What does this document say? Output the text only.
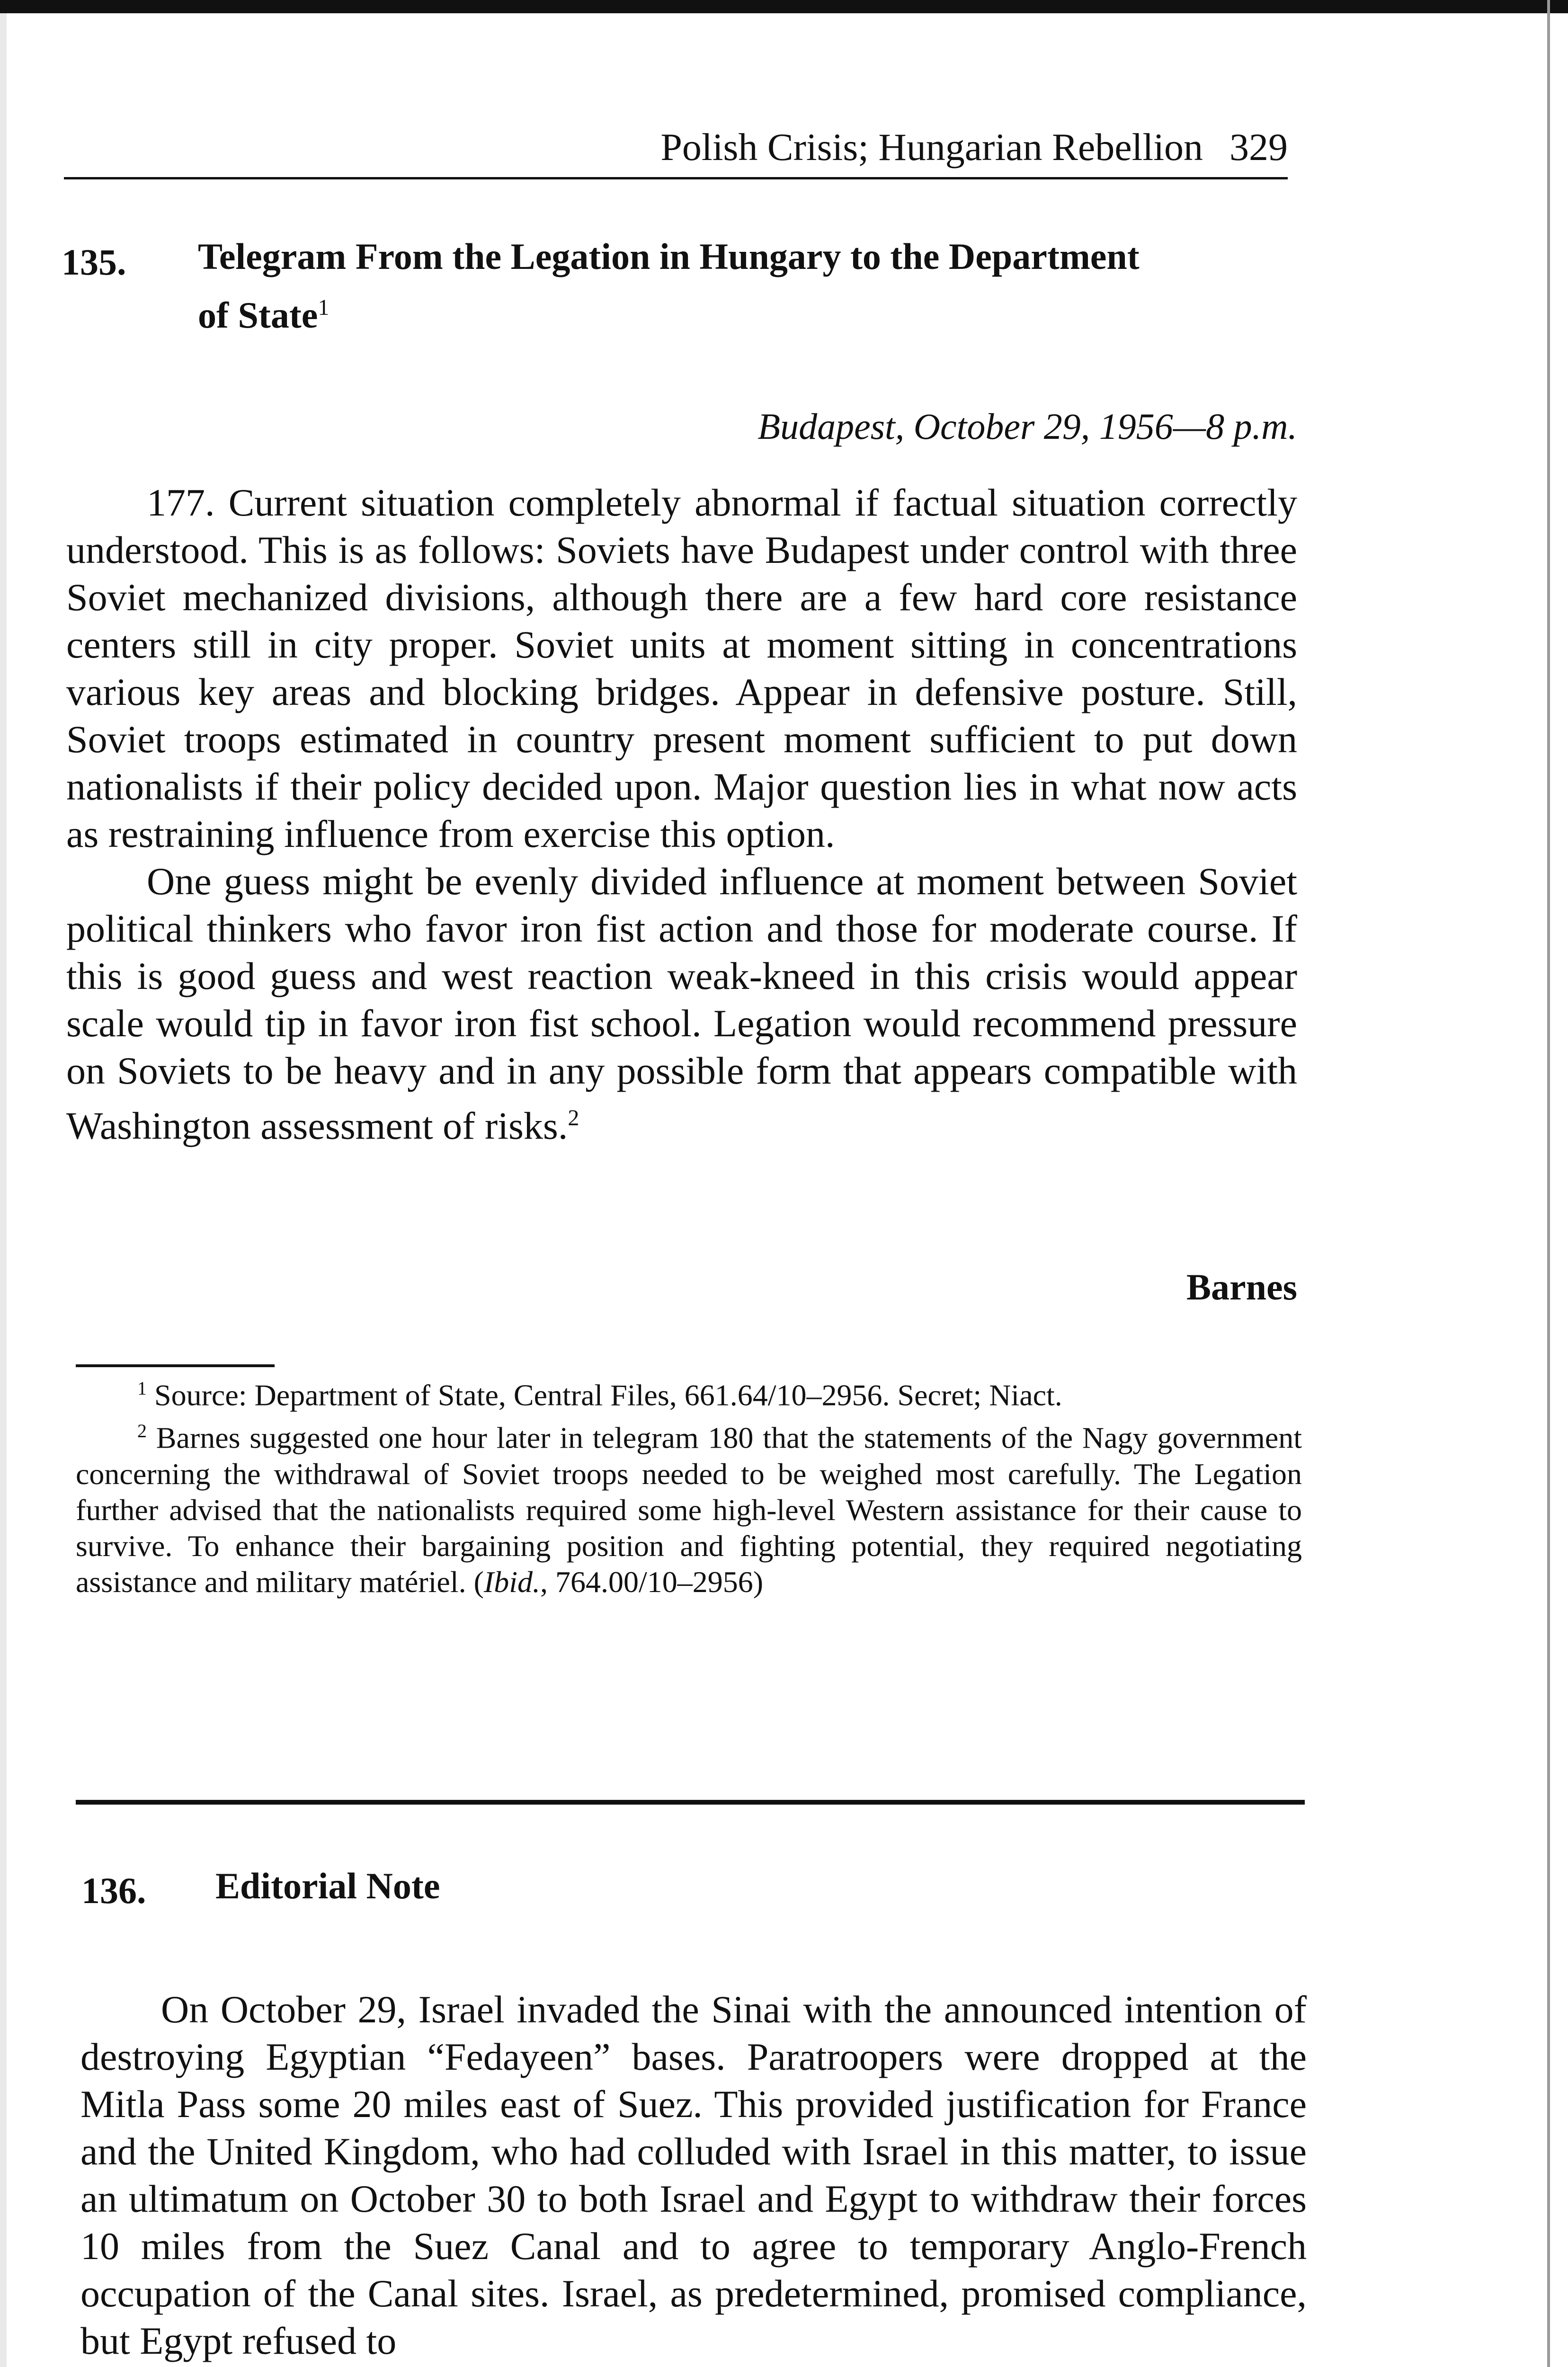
Polish Crisis; Hungarian Rebellion 329
135. Telegram From the Legation in Hungary to the Department
of State$^1$
Budapest, October 29, 1956—8 p.m.

177. Current situation completely abnormal if factual situation correctly understood. This is as follows: Soviets have Budapest under control with three Soviet mechanized divisions, although there are a few hard core resistance centers still in city proper. Soviet units at moment sitting in concentrations various key areas and blocking bridges. Appear in defensive posture. Still, Soviet troops estimated in country present moment sufficient to put down nationalists if their policy decided upon. Major question lies in what now acts as restraining influence from exercise this option.

One guess might be evenly divided influence at moment between Soviet political thinkers who favor iron fist action and those for moderate course. If this is good guess and west reaction weak-kneed in this crisis would appear scale would tip in favor iron fist school. Legation would recommend pressure on Soviets to be heavy and in any possible form that appears compatible with Washington assessment of risks.$^2$

Barnes

$^1$ Source: Department of State, Central Files, 661.64/10–2956. Secret; Niact.

$^2$ Barnes suggested one hour later in telegram 180 that the statements of the Nagy government concerning the withdrawal of Soviet troops needed to be weighed most carefully. The Legation further advised that the nationalists required some high-level Western assistance for their cause to survive. To enhance their bargaining position and fighting potential, they required negotiating assistance and military matériel. (Ibid., 764.00/10–2956)

136. Editorial Note

On October 29, Israel invaded the Sinai with the announced intention of destroying Egyptian “Fedayeen” bases. Paratroopers were dropped at the Mitla Pass some 20 miles east of Suez. This provided justification for France and the United Kingdom, who had colluded with Israel in this matter, to issue an ultimatum on October 30 to both Israel and Egypt to withdraw their forces 10 miles from the Suez Canal and to agree to temporary Anglo-French occupation of the Canal sites. Israel, as predetermined, promised compliance, but Egypt refused to
